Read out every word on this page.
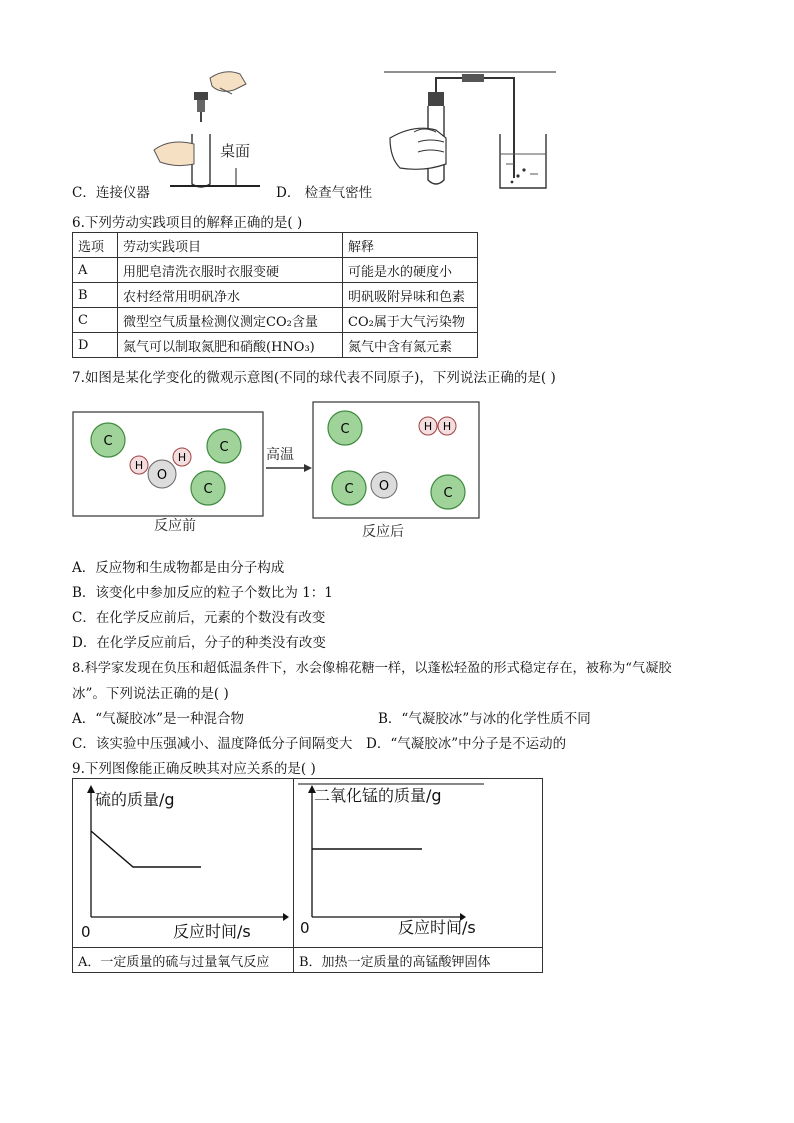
桌面
C．连接仪器	D． 检查气密性
6.下列劳动实践项目的解释正确的是( )
选项	劳动实践项目	解释
A	用肥皂清洗衣服时衣服变硬	可能是水的硬度小
B	农村经常用明矾净水	明矾吸附异味和色素
C	微型空气质量检测仪测定CO₂含量	CO₂属于大气污染物
D	氮气可以制取氮肥和硝酸(HNO₃)	氮气中含有氮元素
7.如图是某化学变化的微观示意图(不同的球代表不同原子)，下列说法正确的是( )
C	C
C
H
H
O
反应前
高温
C	H H
C O	C
反应后
A．反应物和生成物都是由分子构成
B．该变化中参加反应的粒子个数比为 1：1
C．在化学反应前后，元素的个数没有改变
D．在化学反应前后，分子的种类没有改变
8.科学家发现在负压和超低温条件下，水会像棉花糖一样，以蓬松轻盈的形式稳定存在，被称为“气凝胶
冰”。下列说法正确的是( )
A．“气凝胶冰”是一种混合物	B．“气凝胶冰”与冰的化学性质不同
C．该实验中压强减小、温度降低分子间隔变大 D．“气凝胶冰”中分子是不运动的
9.下列图像能正确反映其对应关系的是( )
硫的质量/g
反应时间/s
0	二氧化锰的质量/g
反应时间/s
0

A．一定质量的硫与过量氧气反应	B．加热一定质量的高锰酸钾固体
